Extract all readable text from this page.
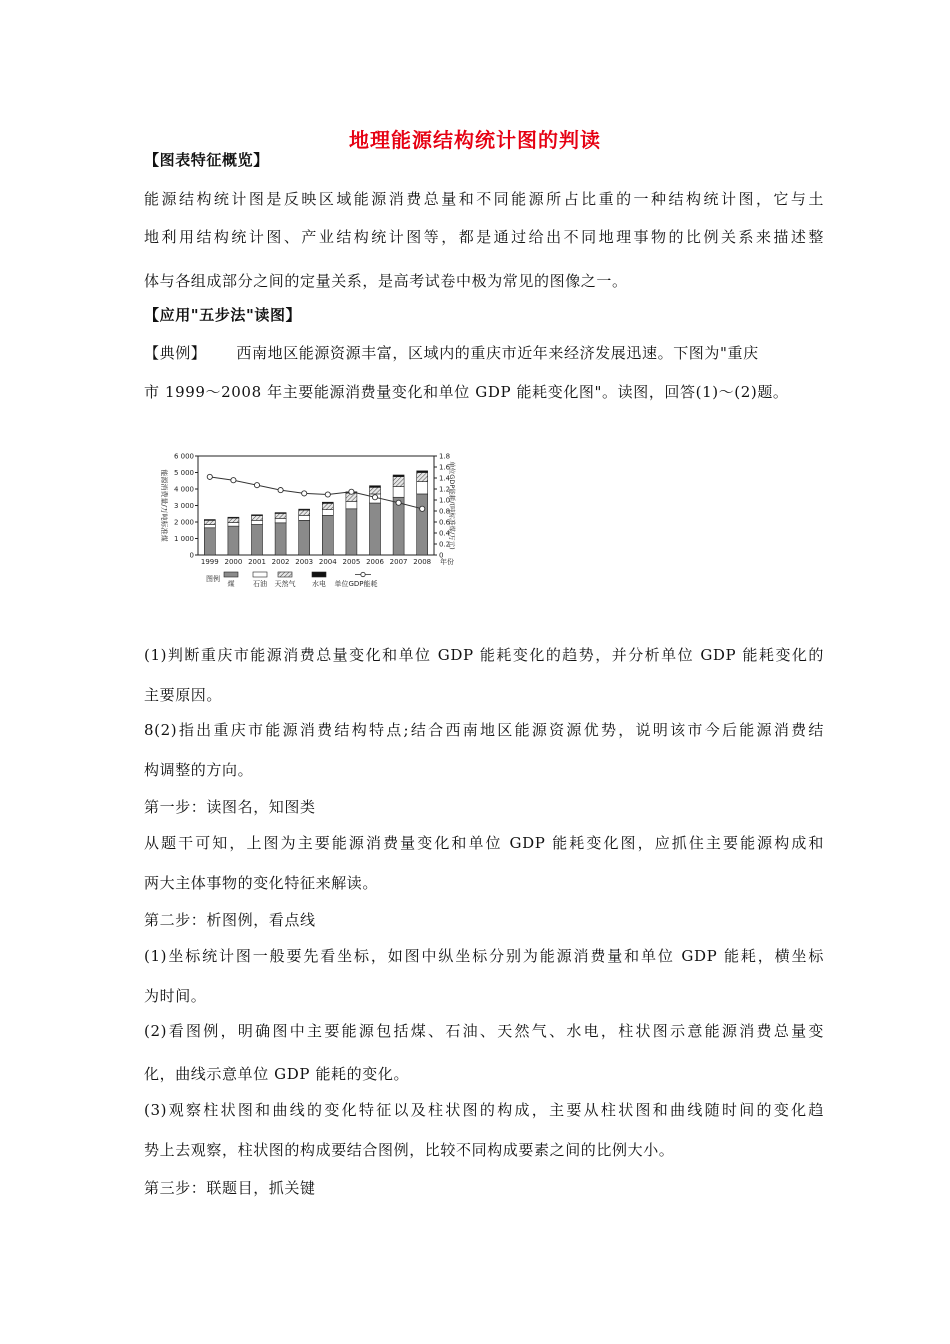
地理能源结构统计图的判读
【图表特征概览】
能源结构统计图是反映区域能源消费总量和不同能源所占比重的一种结构统计图，它与土
地利用结构统计图、产业结构统计图等，都是通过给出不同地理事物的比例关系来描述整
体与各组成部分之间的定量关系，是高考试卷中极为常见的图像之一。
【应用"五步法"读图】
【典例】 西南地区能源资源丰富，区域内的重庆市近年来经济发展迅速。下图为"重庆
市 1999～2008 年主要能源消费量变化和单位 GDP 能耗变化图"。读图，回答(1)～(2)题。
能源消费量/万吨标准煤	单位GDP能耗/(吨标准煤/万元)
0
1 000
2 000
3 000
4 000
5 000
6 000
0
0.2
0.4
0.6
0.8
1.0
1.2
1.4
1.6
1.8
1999 2000 2001 2002 2003 2004 2005 2006 2007 2008 年份
图例
煤	石油 天然气 水电 单位GDP能耗
(1)判断重庆市能源消费总量变化和单位 GDP 能耗变化的趋势，并分析单位 GDP 能耗变化的
主要原因。
8(2)指出重庆市能源消费结构特点;结合西南地区能源资源优势，说明该市今后能源消费结
构调整的方向。
第一步：读图名，知图类
从题干可知，上图为主要能源消费量变化和单位 GDP 能耗变化图，应抓住主要能源构成和
两大主体事物的变化特征来解读。
第二步：析图例，看点线
(1)坐标统计图一般要先看坐标，如图中纵坐标分别为能源消费量和单位 GDP 能耗，横坐标
为时间。
(2)看图例，明确图中主要能源包括煤、石油、天然气、水电，柱状图示意能源消费总量变
化，曲线示意单位 GDP 能耗的变化。
(3)观察柱状图和曲线的变化特征以及柱状图的构成，主要从柱状图和曲线随时间的变化趋
势上去观察，柱状图的构成要结合图例，比较不同构成要素之间的比例大小。
第三步：联题目，抓关键
